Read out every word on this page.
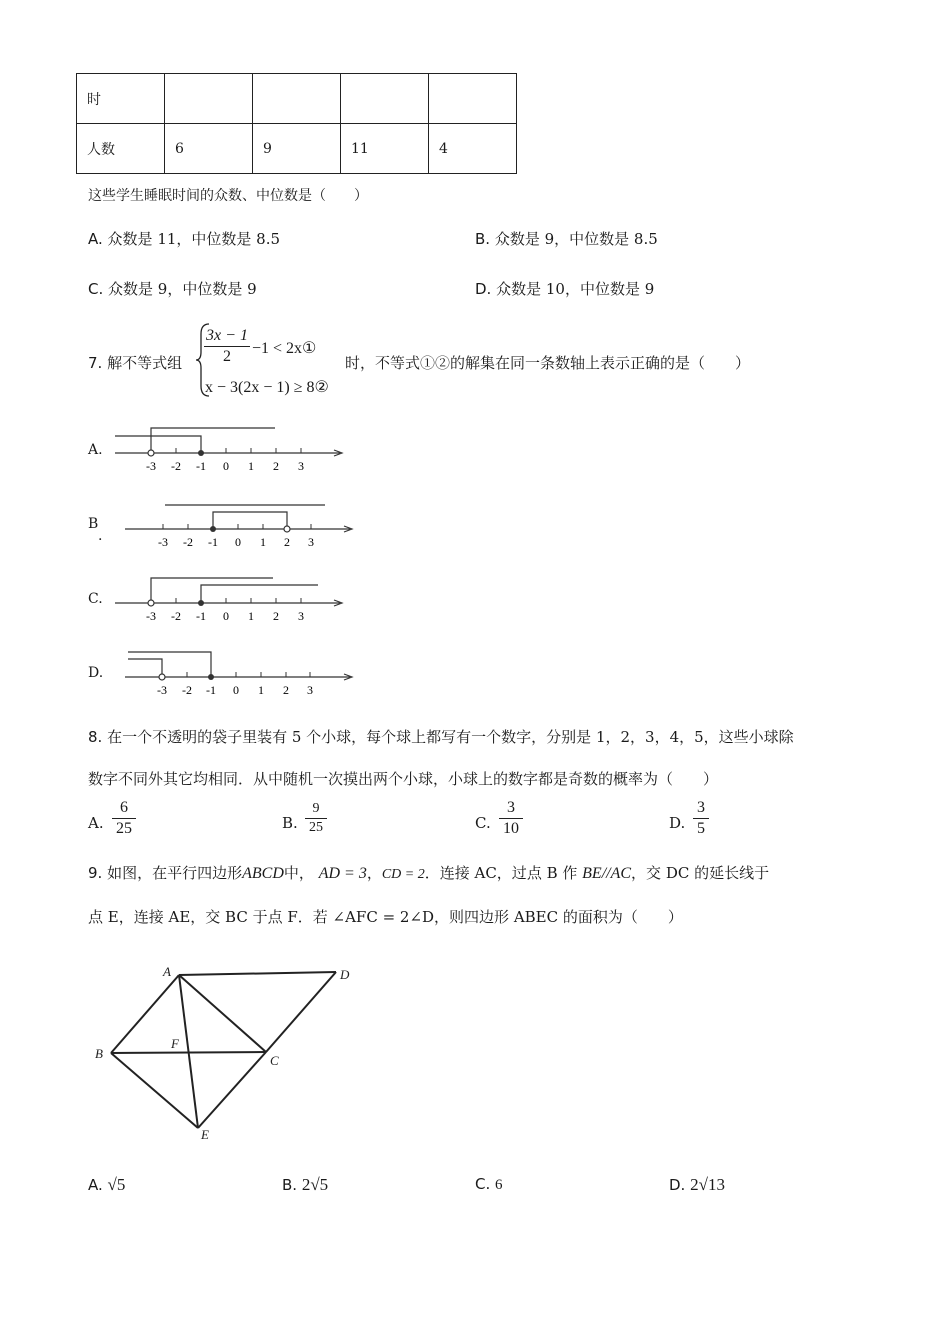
时				
人数	6	9	11	4
这些学生睡眠时间的众数、中位数是（　　）
A. 众数是 11，中位数是 8.5	B. 众数是 9，中位数是 8.5
C. 众数是 9，中位数是 9	D. 众数是 10，中位数是 9
7. 解不等式组
3x − 1
2	−1 < 2x①
x − 3(2x − 1) ≥ 8②
时，不等式①②的解集在同一条数轴上表示正确的是（　　）
A.
B
.
C.
D.
-3 -2 -1 0 1 2 3
-3 -2 -1 0 1 2 3
-3 -2 -1 0 1 2 3
-3 -2 -1 0 1 2 3
8. 在一个不透明的袋子里装有 5 个小球，每个球上都写有一个数字，分别是 1，2，3，4，5，这些小球除
数字不同外其它均相同．从中随机一次摸出两个小球，小球上的数字都是奇数的概率为（　　）
A.
6
25	B.
9
25	C.
3
10	D.
3
5
9. 如图，在平行四边形ABCD中， AD = 3，CD = 2．连接 AC，过点 B 作 BE//AC，交 DC 的延长线于
点 E，连接 AE，交 BC 于点 F．若 ∠AFC = 2∠D，则四边形 ABEC 的面积为（　　）
A	D
B	C
F
E
A. √5	B. 2√5	C. 6	D. 2√13
